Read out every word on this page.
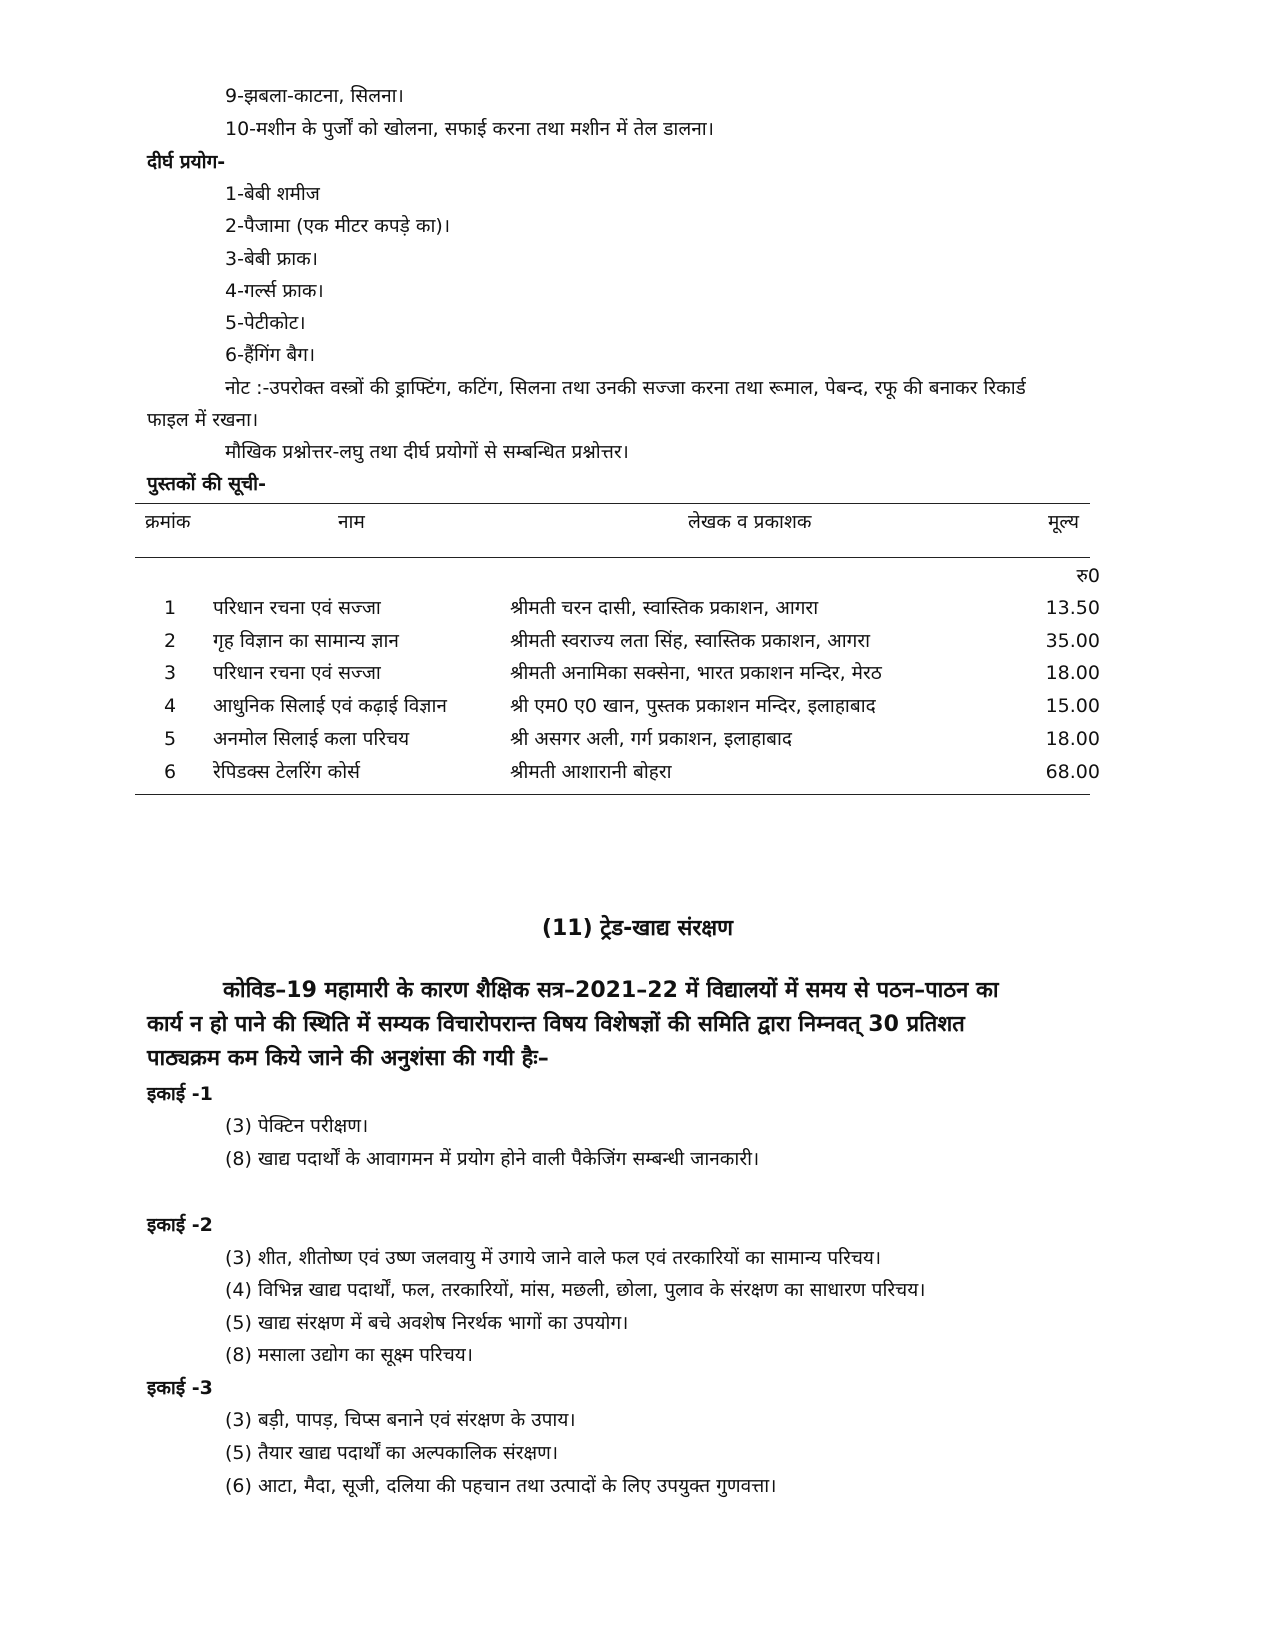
9-झबला-काटना, सिलना।
10-मशीन के पुर्जों को खोलना, सफाई करना तथा मशीन में तेल डालना।
दीर्घ प्रयोग-
1-बेबी शमीज
2-पैजामा (एक मीटर कपड़े का)।
3-बेबी फ्राक।
4-गर्ल्स फ्राक।
5-पेटीकोट।
6-हैंगिंग बैग।
नोट :-उपरोक्त वस्त्रों की ड्राफ्टिंग, कटिंग, सिलना तथा उनकी सज्जा करना तथा रूमाल, पेबन्द, रफू की बनाकर रिकार्ड
फाइल में रखना।
मौखिक प्रश्नोत्तर-लघु तथा दीर्घ प्रयोगों से सम्बन्धित प्रश्नोत्तर।
पुस्तकों की सूची-
क्रमांक	नाम	लेखक व प्रकाशक	मूल्य
रु0
1	परिधान रचना एवं सज्जा	श्रीमती चरन दासी, स्वास्तिक प्रकाशन, आगरा	13.50
2	गृह विज्ञान का सामान्य ज्ञान	श्रीमती स्वराज्य लता सिंह, स्वास्तिक प्रकाशन, आगरा	35.00
3	परिधान रचना एवं सज्जा	श्रीमती अनामिका सक्सेना, भारत प्रकाशन मन्दिर, मेरठ	18.00
4	आधुनिक सिलाई एवं कढ़ाई विज्ञान	श्री एम0 ए0 खान, पुस्तक प्रकाशन मन्दिर, इलाहाबाद	15.00
5	अनमोल सिलाई कला परिचय	श्री असगर अली, गर्ग प्रकाशन, इलाहाबाद	18.00
6	रेपिडक्स टेलरिंग कोर्स	श्रीमती आशारानी बोहरा	68.00
(11) ट्रेड-खाद्य संरक्षण
कोविड–19 महामारी के कारण शैक्षिक सत्र–2021–22 में विद्यालयों में समय से पठन–पाठन का
कार्य न हो पाने की स्थिति में सम्यक विचारोपरान्त विषय विशेषज्ञों की समिति द्वारा निम्नवत् 30 प्रतिशत
पाठ्यक्रम कम किये जाने की अनुशंसा की गयी हैः–
इकाई -1
(3) पेक्टिन परीक्षण।
(8) खाद्य पदार्थों के आवागमन में प्रयोग होने वाली पैकेजिंग सम्बन्धी जानकारी।
इकाई -2
(3) शीत, शीतोष्ण एवं उष्ण जलवायु में उगाये जाने वाले फल एवं तरकारियों का सामान्य परिचय।
(4) विभिन्न खाद्य पदार्थों, फल, तरकारियों, मांस, मछली, छोला, पुलाव के संरक्षण का साधारण परिचय।
(5) खाद्य संरक्षण में बचे अवशेष निरर्थक भागों का उपयोग।
(8) मसाला उद्योग का सूक्ष्म परिचय।
इकाई -3
(3) बड़ी, पापड़, चिप्स बनाने एवं संरक्षण के उपाय।
(5) तैयार खाद्य पदार्थों का अल्पकालिक संरक्षण।
(6) आटा, मैदा, सूजी, दलिया की पहचान तथा उत्पादों के लिए उपयुक्त गुणवत्ता।
